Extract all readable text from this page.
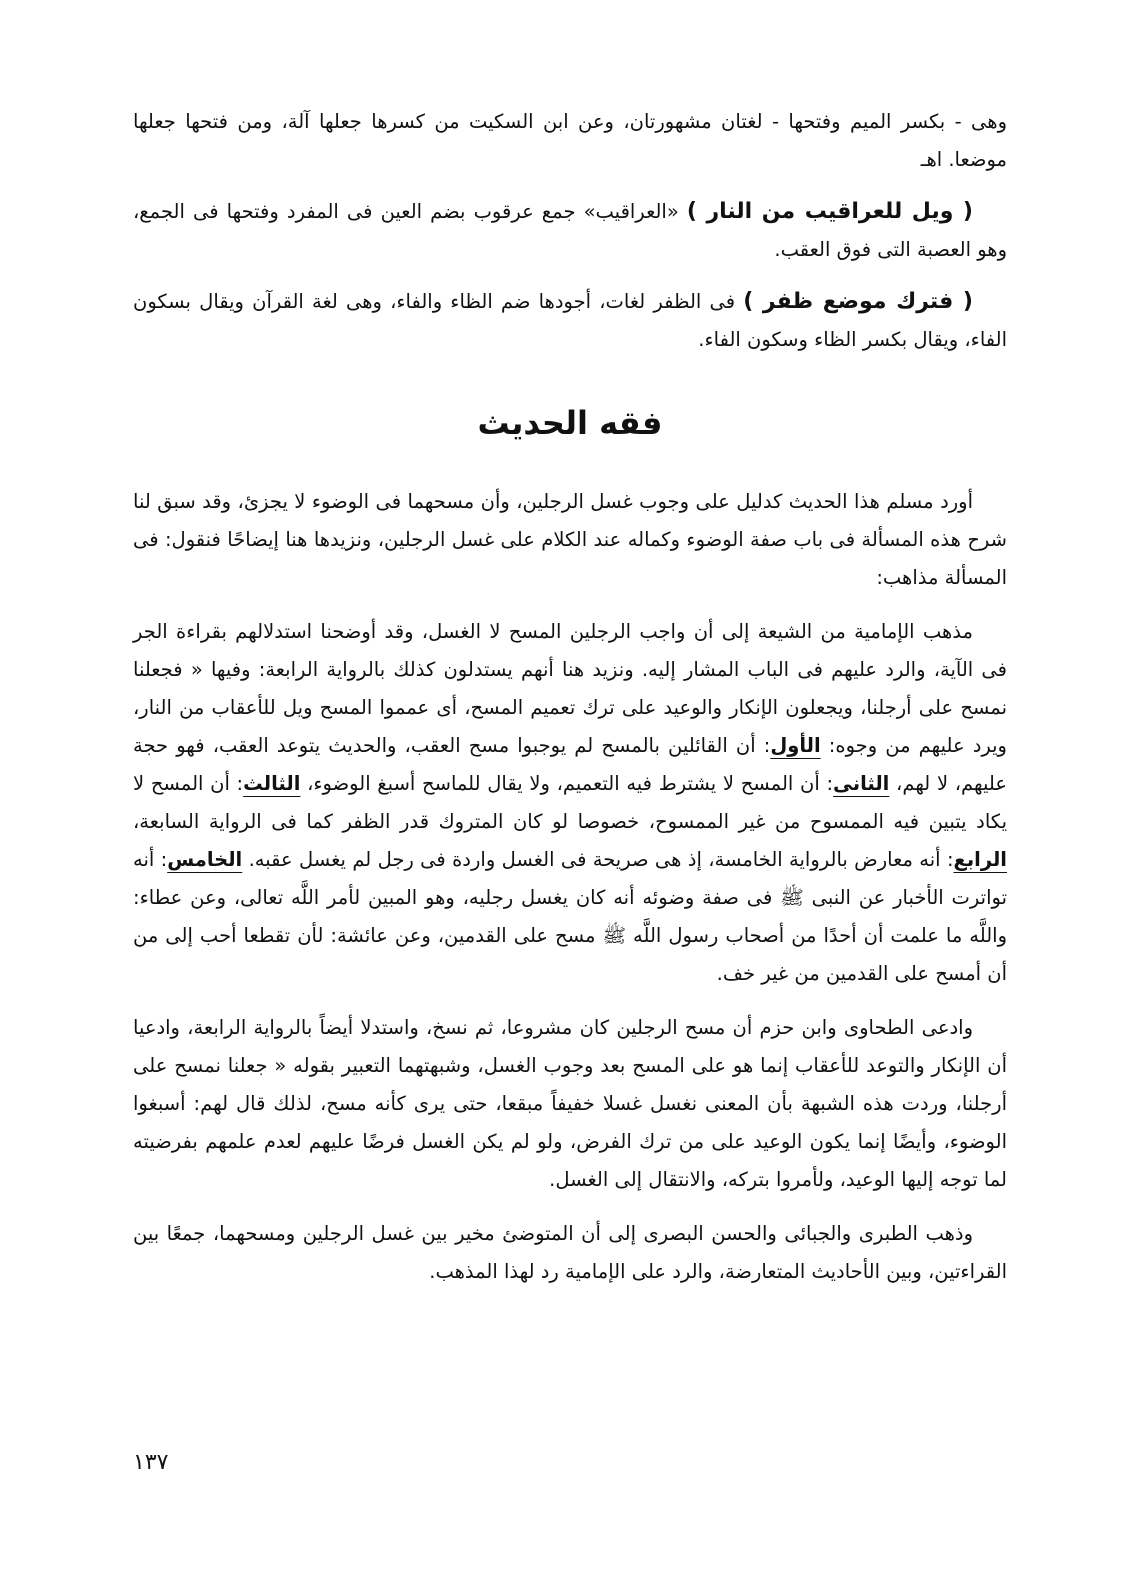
وهى - بكسر الميم وفتحها - لغتان مشهورتان، وعن ابن السكيت من كسرها جعلها آلة، ومن فتحها جعلها موضعا. اهـ

( ويل للعراقيب من النار ) «العراقيب» جمع عرقوب بضم العين فى المفرد وفتحها فى الجمع، وهو العصبة التى فوق العقب.

( فترك موضع ظفر ) فى الظفر لغات، أجودها ضم الظاء والفاء، وهى لغة القرآن ويقال بسكون الفاء، ويقال بكسر الظاء وسكون الفاء.

فقه الحديث

أورد مسلم هذا الحديث كدليل على وجوب غسل الرجلين، وأن مسحهما فى الوضوء لا يجزئ، وقد سبق لنا شرح هذه المسألة فى باب صفة الوضوء وكماله عند الكلام على غسل الرجلين، ونزيدها هنا إيضاحًا فنقول: فى المسألة مذاهب:

مذهب الإمامية من الشيعة إلى أن واجب الرجلين المسح لا الغسل، وقد أوضحنا استدلالهم بقراءة الجر فى الآية، والرد عليهم فى الباب المشار إليه. ونزيد هنا أنهم يستدلون كذلك بالرواية الرابعة: وفيها « فجعلنا نمسح على أرجلنا، ويجعلون الإنكار والوعيد على ترك تعميم المسح، أى عمموا المسح ويل للأعقاب من النار، ويرد عليهم من وجوه: الأول: أن القائلين بالمسح لم يوجبوا مسح العقب، والحديث يتوعد العقب، فهو حجة عليهم، لا لهم، الثانى: أن المسح لا يشترط فيه التعميم، ولا يقال للماسح أسبغ الوضوء، الثالث: أن المسح لا يكاد يتبين فيه الممسوح من غير الممسوح، خصوصا لو كان المتروك قدر الظفر كما فى الرواية السابعة، الرابع: أنه معارض بالرواية الخامسة، إذ هى صريحة فى الغسل واردة فى رجل لم يغسل عقبه. الخامس: أنه تواترت الأخبار عن النبى ﷺ فى صفة وضوئه أنه كان يغسل رجليه، وهو المبين لأمر اللَّه تعالى، وعن عطاء: واللَّه ما علمت أن أحدًا من أصحاب رسول اللَّه ﷺ مسح على القدمين، وعن عائشة: لأن تقطعا أحب إلى من أن أمسح على القدمين من غير خف.

وادعى الطحاوى وابن حزم أن مسح الرجلين كان مشروعا، ثم نسخ، واستدلا أيضاً بالرواية الرابعة، وادعيا أن الإنكار والتوعد للأعقاب إنما هو على المسح بعد وجوب الغسل، وشبهتهما التعبير بقوله « جعلنا نمسح على أرجلنا، وردت هذه الشبهة بأن المعنى نغسل غسلا خفيفاً مبقعا، حتى يرى كأنه مسح، لذلك قال لهم: أسبغوا الوضوء، وأيضًا إنما يكون الوعيد على من ترك الفرض، ولو لم يكن الغسل فرضًا عليهم لعدم علمهم بفرضيته لما توجه إليها الوعيد، ولأمروا بتركه، والانتقال إلى الغسل.

وذهب الطبرى والجبائى والحسن البصرى إلى أن المتوضئ مخير بين غسل الرجلين ومسحهما، جمعًا بين القراءتين، وبين الأحاديث المتعارضة، والرد على الإمامية رد لهذا المذهب.

١٣٧
